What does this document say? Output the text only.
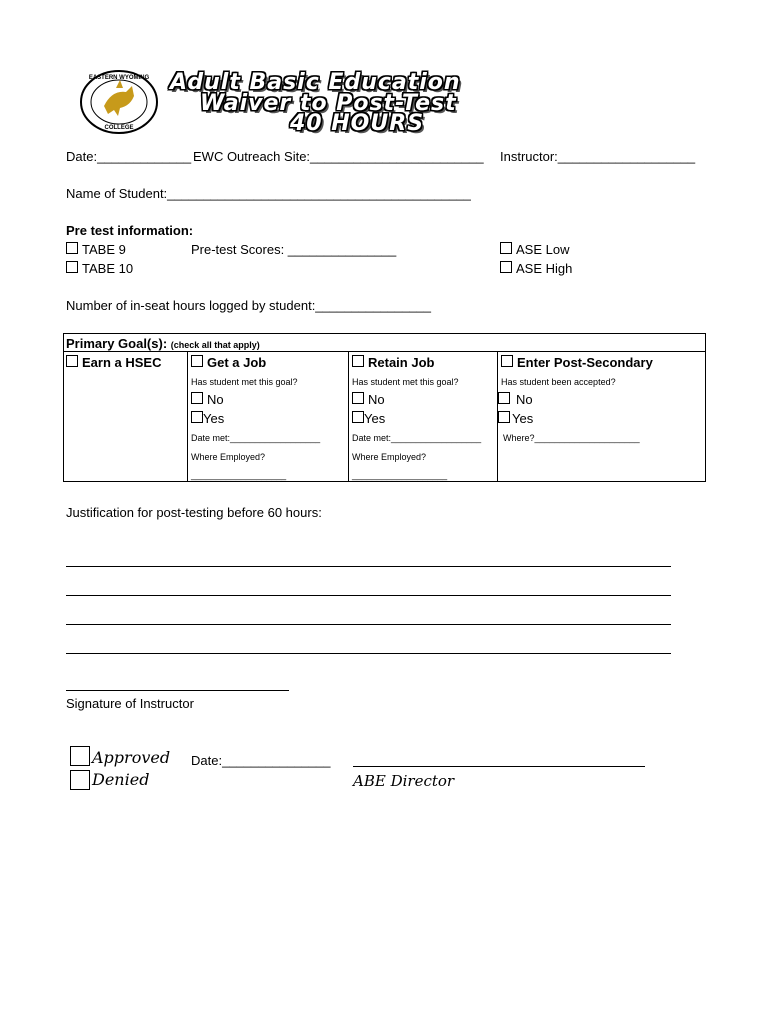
EASTERN WYOMING
COLLEGE
Adult Basic Education
Waiver to Post-Test
40 HOURS
Date:_____________ EWC Outreach Site:________________________ Instructor:___________________
Name of Student:__________________________________________
Pre test information:
TABE 9
TABE 10
Pre-test Scores: _______________	ASE Low
ASE High
Number of in-seat hours logged by student:________________
Primary Goal(s): (check all that apply)
Earn a HSEC	Get a Job
Has student met this goal?
No
Yes
Date met:__________________
Where Employed?
___________________
Retain Job
Has student met this goal?
No
Yes
Date met:__________________
Where Employed?
___________________
Enter Post-Secondary
Has student been accepted?
No
Yes
Where?_____________________
Justification for post-testing before 60 hours:
Signature of Instructor
Approved
Denied
Date:_______________
ABE Director
